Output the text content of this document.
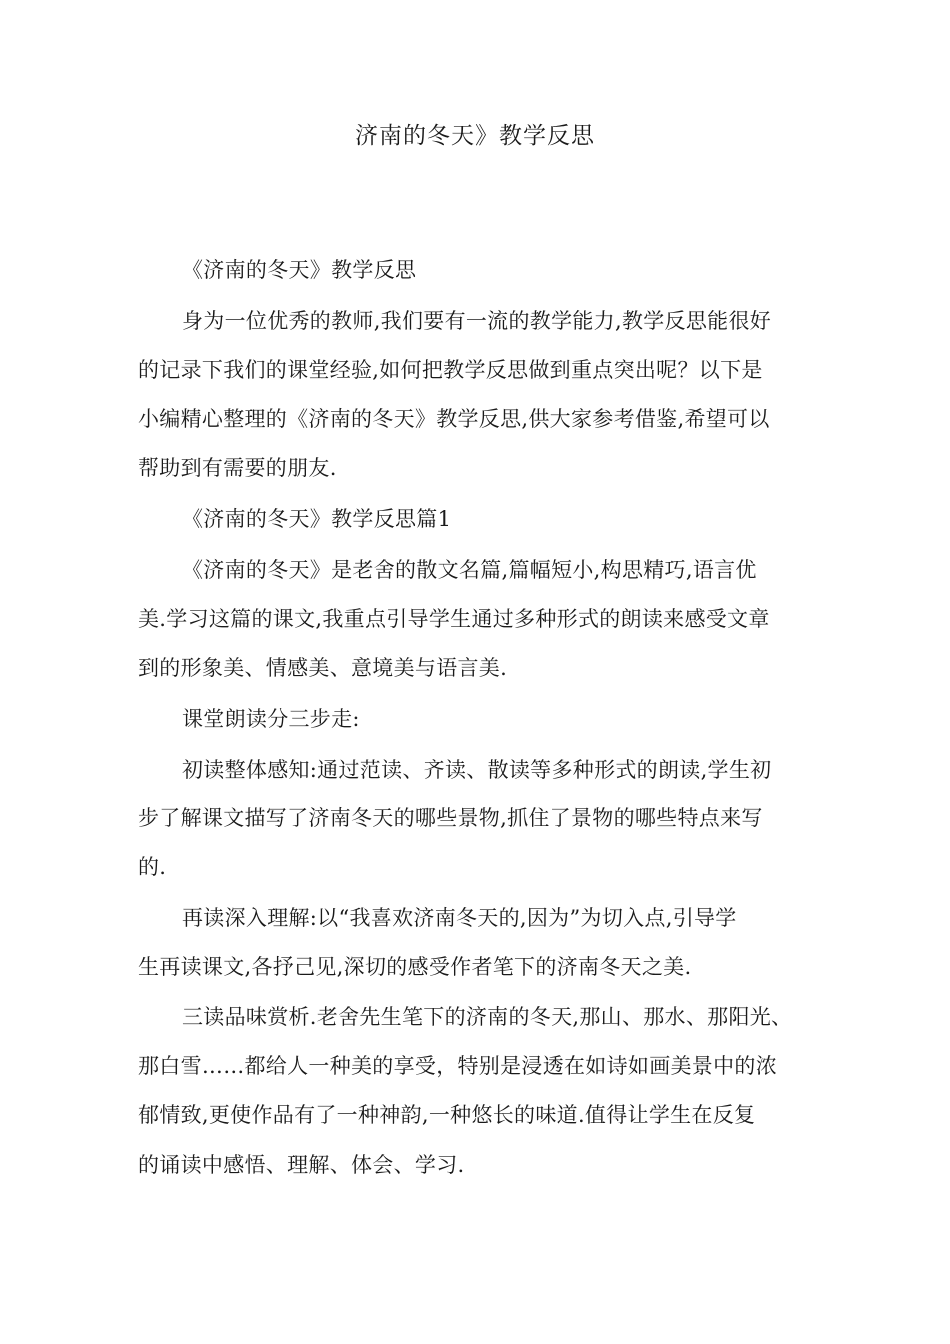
济南的冬天》教学反思
《济南的冬天》教学反思
身为一位优秀的教师,我们要有一流的教学能力,教学反思能很好
的记录下我们的课堂经验,如何把教学反思做到重点突出呢？以下是
小编精心整理的《济南的冬天》教学反思,供大家参考借鉴,希望可以
帮助到有需要的朋友.
《济南的冬天》教学反思篇1
《济南的冬天》是老舍的散文名篇,篇幅短小,构思精巧,语言优
美.学习这篇的课文,我重点引导学生通过多种形式的朗读来感受文章
到的形象美、情感美、意境美与语言美.
课堂朗读分三步走:
初读整体感知:通过范读、齐读、散读等多种形式的朗读,学生初
步了解课文描写了济南冬天的哪些景物,抓住了景物的哪些特点来写
的.
再读深入理解:以“我喜欢济南冬天的,因为”为切入点,引导学
生再读课文,各抒己见,深切的感受作者笔下的济南冬天之美.
三读品味赏析.老舍先生笔下的济南的冬天,那山、那水、那阳光、
那白雪……都给人一种美的享受，特别是浸透在如诗如画美景中的浓
郁情致,更使作品有了一种神韵,一种悠长的味道.值得让学生在反复
的诵读中感悟、理解、体会、学习.
